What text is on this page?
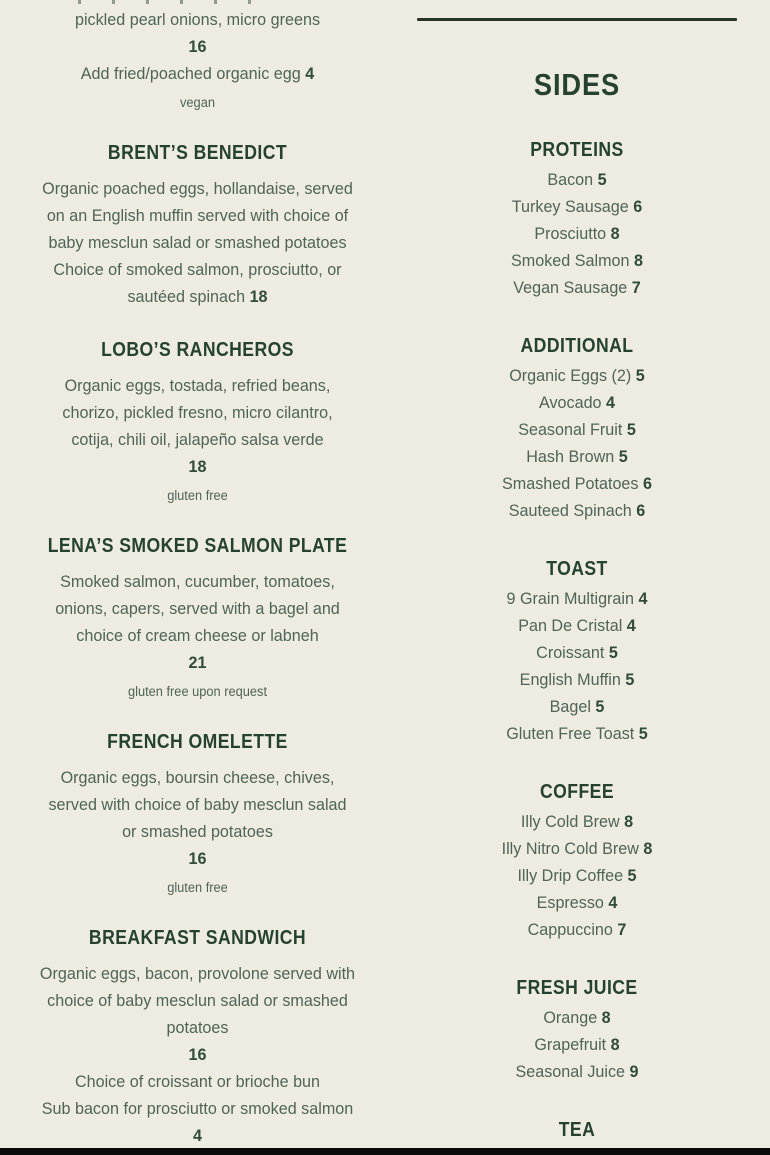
pickled pearl onions, micro greens
16
Add fried/poached organic egg 4
vegan
BRENT’S BENEDICT
Organic poached eggs, hollandaise, served
on an English muffin served with choice of
baby mesclun salad or smashed potatoes
Choice of smoked salmon, prosciutto, or
sautéed spinach 18
LOBO’S RANCHEROS
Organic eggs, tostada, refried beans,
chorizo, pickled fresno, micro cilantro,
cotija, chili oil, jalapeño salsa verde
18
gluten free
LENA’S SMOKED SALMON PLATE
Smoked salmon, cucumber, tomatoes,
onions, capers, served with a bagel and
choice of cream cheese or labneh
21
gluten free upon request
FRENCH OMELETTE
Organic eggs, boursin cheese, chives,
served with choice of baby mesclun salad
or smashed potatoes
16
gluten free
BREAKFAST SANDWICH
Organic eggs, bacon, provolone served with
choice of baby mesclun salad or smashed
potatoes
16
Choice of croissant or brioche bun
Sub bacon for prosciutto or smoked salmon
4
SIDES
PROTEINS
Bacon 5
Turkey Sausage 6
Prosciutto 8
Smoked Salmon 8
Vegan Sausage 7
ADDITIONAL
Organic Eggs (2) 5
Avocado 4
Seasonal Fruit 5
Hash Brown 5
Smashed Potatoes 6
Sauteed Spinach 6
TOAST
9 Grain Multigrain 4
Pan De Cristal 4
Croissant 5
English Muffin 5
Bagel 5
Gluten Free Toast 5
COFFEE
Illy Cold Brew 8
Illy Nitro Cold Brew 8
Illy Drip Coffee 5
Espresso 4
Cappuccino 7
FRESH JUICE
Orange 8
Grapefruit 8
Seasonal Juice 9
TEA
